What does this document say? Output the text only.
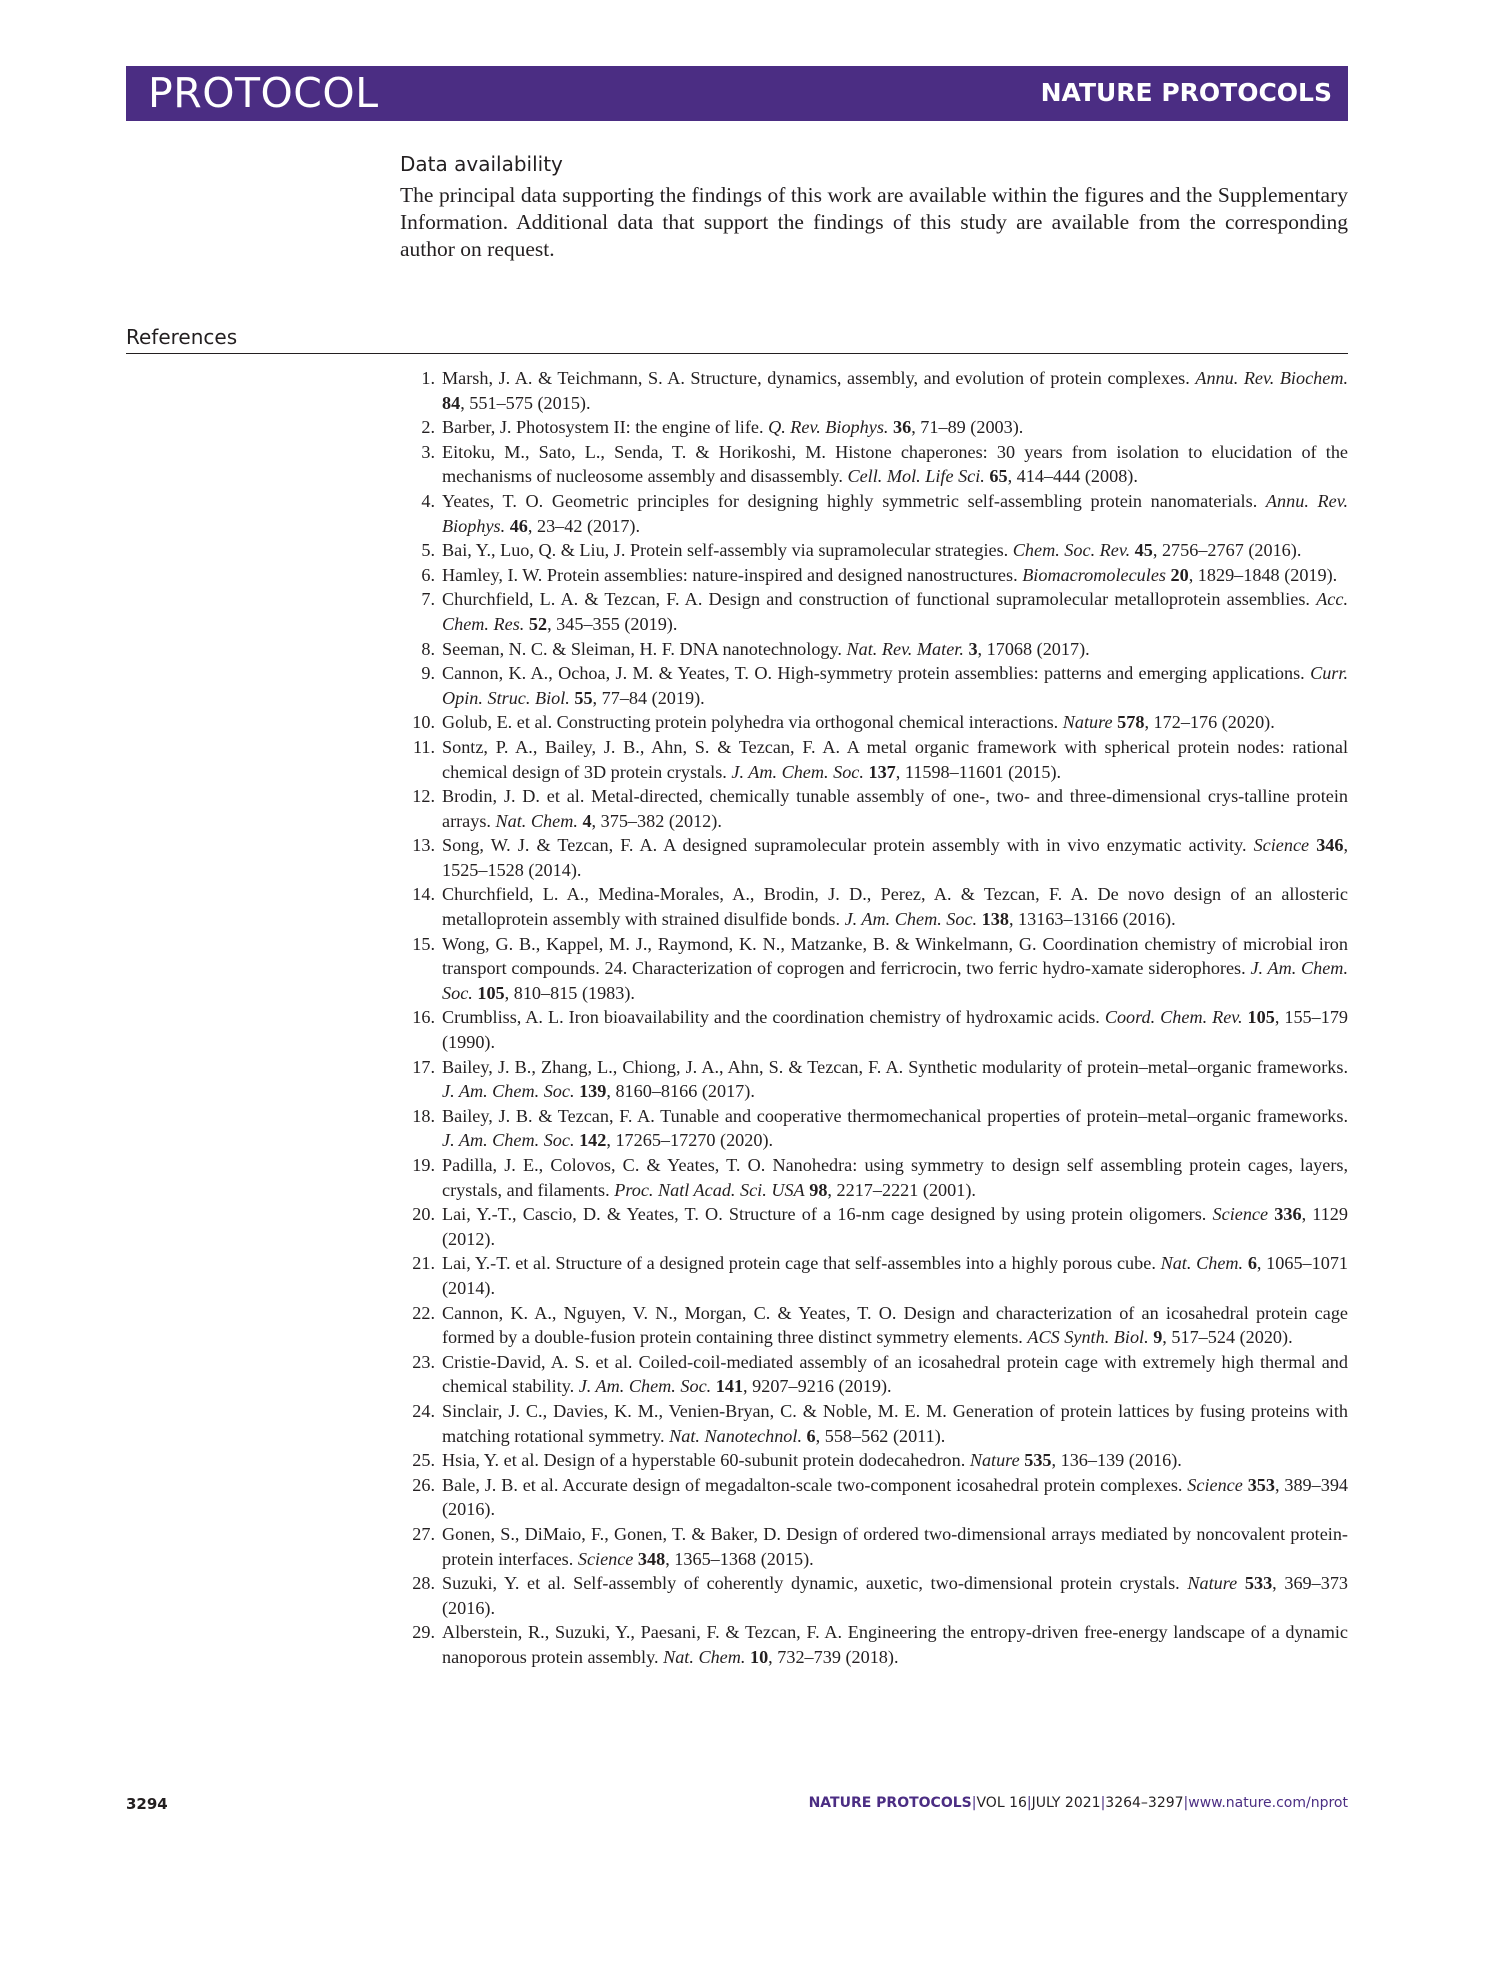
PROTOCOL	NATURE PROTOCOLS
Data availability
The principal data supporting the findings of this work are available within the figures and the Supplementary Information. Additional data that support the findings of this study are available from the corresponding author on request.
References
1. Marsh, J. A. & Teichmann, S. A. Structure, dynamics, assembly, and evolution of protein complexes. Annu. Rev. Biochem. 84, 551–575 (2015).
2. Barber, J. Photosystem II: the engine of life. Q. Rev. Biophys. 36, 71–89 (2003).
3. Eitoku, M., Sato, L., Senda, T. & Horikoshi, M. Histone chaperones: 30 years from isolation to elucidation of the mechanisms of nucleosome assembly and disassembly. Cell. Mol. Life Sci. 65, 414–444 (2008).
4. Yeates, T. O. Geometric principles for designing highly symmetric self-assembling protein nanomaterials. Annu. Rev. Biophys. 46, 23–42 (2017).
5. Bai, Y., Luo, Q. & Liu, J. Protein self-assembly via supramolecular strategies. Chem. Soc. Rev. 45, 2756–2767 (2016).
6. Hamley, I. W. Protein assemblies: nature-inspired and designed nanostructures. Biomacromolecules 20, 1829–1848 (2019).
7. Churchfield, L. A. & Tezcan, F. A. Design and construction of functional supramolecular metalloprotein assemblies. Acc. Chem. Res. 52, 345–355 (2019).
8. Seeman, N. C. & Sleiman, H. F. DNA nanotechnology. Nat. Rev. Mater. 3, 17068 (2017).
9. Cannon, K. A., Ochoa, J. M. & Yeates, T. O. High-symmetry protein assemblies: patterns and emerging applications. Curr. Opin. Struc. Biol. 55, 77–84 (2019).
10. Golub, E. et al. Constructing protein polyhedra via orthogonal chemical interactions. Nature 578, 172–176 (2020).
11. Sontz, P. A., Bailey, J. B., Ahn, S. & Tezcan, F. A. A metal organic framework with spherical protein nodes: rational chemical design of 3D protein crystals. J. Am. Chem. Soc. 137, 11598–11601 (2015).
12. Brodin, J. D. et al. Metal-directed, chemically tunable assembly of one-, two- and three-dimensional crys-talline protein arrays. Nat. Chem. 4, 375–382 (2012).
13. Song, W. J. & Tezcan, F. A. A designed supramolecular protein assembly with in vivo enzymatic activity. Science 346, 1525–1528 (2014).
14. Churchfield, L. A., Medina-Morales, A., Brodin, J. D., Perez, A. & Tezcan, F. A. De novo design of an allosteric metalloprotein assembly with strained disulfide bonds. J. Am. Chem. Soc. 138, 13163–13166 (2016).
15. Wong, G. B., Kappel, M. J., Raymond, K. N., Matzanke, B. & Winkelmann, G. Coordination chemistry of microbial iron transport compounds. 24. Characterization of coprogen and ferricrocin, two ferric hydro-xamate siderophores. J. Am. Chem. Soc. 105, 810–815 (1983).
16. Crumbliss, A. L. Iron bioavailability and the coordination chemistry of hydroxamic acids. Coord. Chem. Rev. 105, 155–179 (1990).
17. Bailey, J. B., Zhang, L., Chiong, J. A., Ahn, S. & Tezcan, F. A. Synthetic modularity of protein–metal–organic frameworks. J. Am. Chem. Soc. 139, 8160–8166 (2017).
18. Bailey, J. B. & Tezcan, F. A. Tunable and cooperative thermomechanical properties of protein–metal–organic frameworks. J. Am. Chem. Soc. 142, 17265–17270 (2020).
19. Padilla, J. E., Colovos, C. & Yeates, T. O. Nanohedra: using symmetry to design self assembling protein cages, layers, crystals, and filaments. Proc. Natl Acad. Sci. USA 98, 2217–2221 (2001).
20. Lai, Y.-T., Cascio, D. & Yeates, T. O. Structure of a 16-nm cage designed by using protein oligomers. Science 336, 1129 (2012).
21. Lai, Y.-T. et al. Structure of a designed protein cage that self-assembles into a highly porous cube. Nat. Chem. 6, 1065–1071 (2014).
22. Cannon, K. A., Nguyen, V. N., Morgan, C. & Yeates, T. O. Design and characterization of an icosahedral protein cage formed by a double-fusion protein containing three distinct symmetry elements. ACS Synth. Biol. 9, 517–524 (2020).
23. Cristie-David, A. S. et al. Coiled-coil-mediated assembly of an icosahedral protein cage with extremely high thermal and chemical stability. J. Am. Chem. Soc. 141, 9207–9216 (2019).
24. Sinclair, J. C., Davies, K. M., Venien-Bryan, C. & Noble, M. E. M. Generation of protein lattices by fusing proteins with matching rotational symmetry. Nat. Nanotechnol. 6, 558–562 (2011).
25. Hsia, Y. et al. Design of a hyperstable 60-subunit protein dodecahedron. Nature 535, 136–139 (2016).
26. Bale, J. B. et al. Accurate design of megadalton-scale two-component icosahedral protein complexes. Science 353, 389–394 (2016).
27. Gonen, S., DiMaio, F., Gonen, T. & Baker, D. Design of ordered two-dimensional arrays mediated by noncovalent protein-protein interfaces. Science 348, 1365–1368 (2015).
28. Suzuki, Y. et al. Self-assembly of coherently dynamic, auxetic, two-dimensional protein crystals. Nature 533, 369–373 (2016).
29. Alberstein, R., Suzuki, Y., Paesani, F. & Tezcan, F. A. Engineering the entropy-driven free-energy landscape of a dynamic nanoporous protein assembly. Nat. Chem. 10, 732–739 (2018).
3294	NATURE PROTOCOLS|VOL 16|JULY 2021|3264–3297|www.nature.com/nprot
